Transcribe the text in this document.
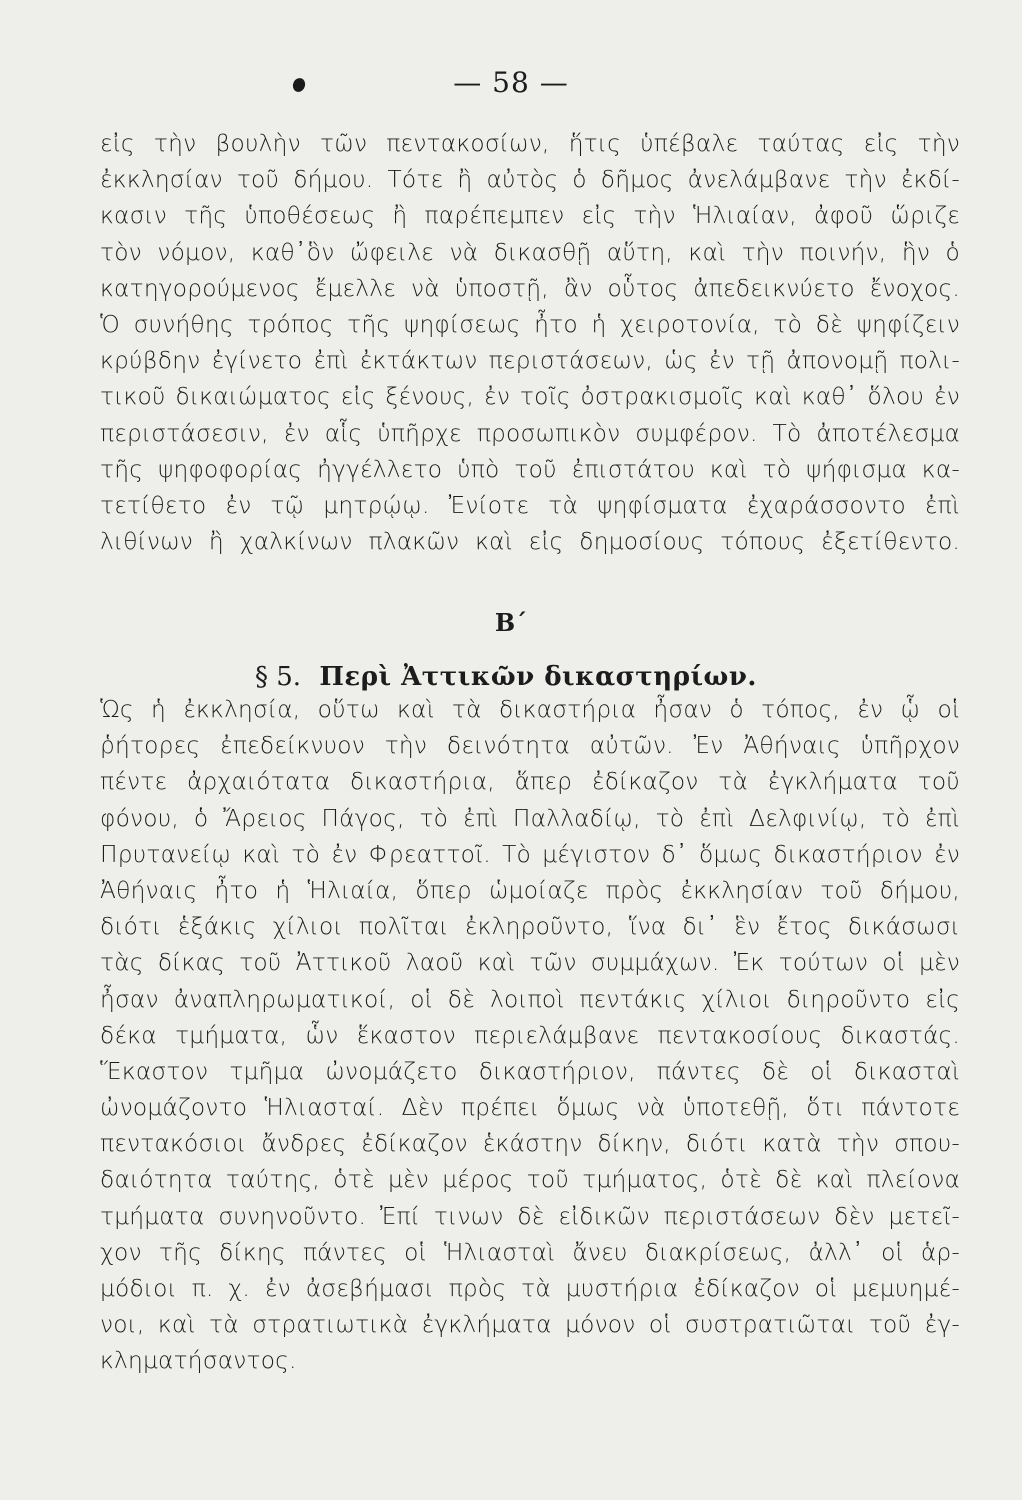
— 58 —
εἰς τὴν βουλὴν τῶν πεντακοσίων, ἥτις ὑπέβαλε ταύτας εἰς τὴν
ἐκκλησίαν τοῦ δήμου. Τότε ἢ αὐτὸς ὁ δῆμος ἀνελάμβανε τὴν ἐκδί-
κασιν τῆς ὑποθέσεως ἢ παρέπεμπεν εἰς τὴν Ἡλιαίαν, ἀφοῦ ὥριζε
τὸν νόμον, καθ᾽ὃν ὤφειλε νὰ δικασθῇ αὕτη, καὶ τὴν ποινήν, ἣν ὁ
κατηγορούμενος ἔμελλε νὰ ὑποστῇ, ἂν οὗτος ἀπεδεικνύετο ἔνοχος.
Ὁ συνήθης τρόπος τῆς ψηφίσεως ἦτο ἡ χειροτονία, τὸ δὲ ψηφίζειν
κρύβδην ἐγίνετο ἐπὶ ἐκτάκτων περιστάσεων, ὡς ἐν τῇ ἀπονομῇ πολι-
τικοῦ δικαιώματος εἰς ξένους, ἐν τοῖς ὀστρακισμοῖς καὶ καθ᾽ ὅλου ἐν
περιστάσεσιν, ἐν αἷς ὑπῆρχε προσωπικὸν συμφέρον. Τὸ ἀποτέλεσμα
τῆς ψηφοφορίας ἠγγέλλετο ὑπὸ τοῦ ἐπιστάτου καὶ τὸ ψήφισμα κα-
τετίθετο ἐν τῷ μητρῴῳ. Ἐνίοτε τὰ ψηφίσματα ἐχαράσσοντο ἐπὶ
λιθίνων ἢ χαλκίνων πλακῶν καὶ εἰς δημοσίους τόπους ἐξετίθεντο.
B΄
§ 5. Περὶ Ἀττικῶν δικαστηρίων.
Ὡς ἡ ἐκκλησία, οὕτω καὶ τὰ δικαστήρια ἦσαν ὁ τόπος, ἐν ᾧ οἱ
ῥήτορες ἐπεδείκνυον τὴν δεινότητα αὐτῶν. Ἐν Ἀθήναις ὑπῆρχον
πέντε ἀρχαιότατα δικαστήρια, ἅπερ ἐδίκαζον τὰ ἐγκλήματα τοῦ
φόνου, ὁ Ἄρειος Πάγος, τὸ ἐπὶ Παλλαδίῳ, τὸ ἐπὶ Δελφινίῳ, τὸ ἐπὶ
Πρυτανείῳ καὶ τὸ ἐν Φρεαττοῖ. Τὸ μέγιστον δ᾽ ὅμως δικαστήριον ἐν
Ἀθήναις ἦτο ἡ Ἡλιαία, ὅπερ ὡμοίαζε πρὸς ἐκκλησίαν τοῦ δήμου,
διότι ἑξάκις χίλιοι πολῖται ἐκληροῦντο, ἵνα δι᾽ ἓν ἔτος δικάσωσι
τὰς δίκας τοῦ Ἀττικοῦ λαοῦ καὶ τῶν συμμάχων. Ἐκ τούτων οἱ μὲν
ἦσαν ἀναπληρωματικοί, οἱ δὲ λοιποὶ πεντάκις χίλιοι διηροῦντο εἰς
δέκα τμήματα, ὧν ἕκαστον περιελάμβανε πεντακοσίους δικαστάς.
Ἕκαστον τμῆμα ὠνομάζετο δικαστήριον, πάντες δὲ οἱ δικασταὶ
ὠνομάζοντο Ἡλιασταί. Δὲν πρέπει ὅμως νὰ ὑποτεθῇ, ὅτι πάντοτε
πεντακόσιοι ἄνδρες ἐδίκαζον ἑκάστην δίκην, διότι κατὰ τὴν σπου-
δαιότητα ταύτης, ὁτὲ μὲν μέρος τοῦ τμήματος, ὁτὲ δὲ καὶ πλείονα
τμήματα συνηνοῦντο. Ἐπί τινων δὲ εἰδικῶν περιστάσεων δὲν μετεῖ-
χον τῆς δίκης πάντες οἱ Ἡλιασταὶ ἄνευ διακρίσεως, ἀλλ᾽ οἱ ἁρ-
μόδιοι π. χ. ἐν ἀσεβήμασι πρὸς τὰ μυστήρια ἐδίκαζον οἱ μεμυημέ-
νοι, καὶ τὰ στρατιωτικὰ ἐγκλήματα μόνον οἱ συστρατιῶται τοῦ ἐγ-
κληματήσαντος.
